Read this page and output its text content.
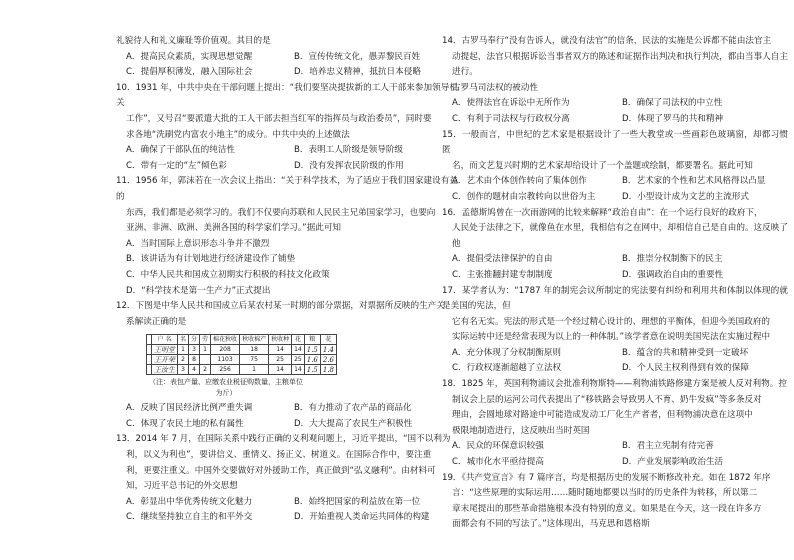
礼貌待人和礼义廉耻等价值观。其目的是

A．提高民众素质，实现思想觉醒	B．宣传传统文化，愚弄黎民百姓
C．提倡厚积薄发，融入国际社会	D．培养忠义精神，抵抗日本侵略

10．1931 年，中共中央在干部问题上提出：“我们要坚决提拔新的工人干部来参加领导机关

工作”，又号召“要派遣大批的工人干部去担当红军的指挥员与政治委员”，同时要

求各地“洗刷党内富农小地主”的成分。中共中央的上述做法

A．确保了干部队伍的纯洁性	B．表明工人阶级是领导阶级
C．带有一定的“左”倾色彩	D．没有发挥农民阶级的作用

11．1956 年，郭沫若在一次会议上指出：“关于科学技术，为了适应于我们国家建设有益的

东西，我们都是必须学习的。我们不仅要向苏联和人民民主兄弟国家学习，也要向

亚洲、非洲、欧洲、美洲各国的科学家们学习。”据此可知

A．当时国际上意识形态斗争并不激烈
B．该讲话为有计划地进行经济建设作了铺垫
C．中华人民共和国成立初期实行积极的科技文化政策
D．“科学技术是第一生产力”正式提出

12．下图是中华人民共和国成立后某农村某一时期的部分票据，对票据所反映的生产关

系解读正确的是

	户 名	名	分	劳	棉花秋收	秋收棉产	秋收种	花	粮	花
	王明堂	1	3	1	208	18	14	14	1.5	1.4
	王开荣	2	8		1103	75	25	25	1.6	2.6
	王汝生	3	4	2	256	1	14	14	1.5	1.8
（注：表包产量、应缴农业税征购数量，主粮单位为斤）
A．反映了国民经济比例严重失调	B．有力推动了农产品的商品化
C．体现了农民土地的私有属性	D．大大提高了农民生产积极性

13．2014 年 7 月，在国际关系中践行正确的义利观问题上，习近平提出，“国不以利为

利，以义为利也”，要讲信义、重情义、扬正义、树道义。在国际合作中，要注重

利，更要注重义。中国外交要做好对外援助工作，真正做到“弘义融利”。由材料可

知，习近平总书记的外交思想

A．彰显出中华优秀传统文化魅力	B．始终把国家的利益放在第一位
C．继续坚持独立自主的和平外交	D．开始重视人类命运共同体的构建

14．古罗马奉行“没有告诉人，就没有法官”的信条，民法的实施是公诉都不能由法官主

动提起，法官只根据诉讼当事者双方的陈述和证据作出判决和执行判决，都由当事人自主进行。

古罗马司法权的被动性

A．使得法官在诉讼中无所作为	B．确保了司法权的中立性
C．有利于司法权与行政权分离	D．体现了罗马的共和精神

15．一般而言，中世纪的艺术家是根据设计了一些大教堂或一些画彩色玻璃窗，却都习惯匿

名，而文艺复兴时期的艺术家却给设计了一个盖题或绘制，都要署名。据此可知

A．艺术由个体创作转向了集体创作	B．艺术家的个性和艺术风格得以凸显
C．创作的题材由宗教转向以世俗为主	D．小型设计成为文艺的主流形式

16．孟德斯鸠曾在一次雨游网的比较来解释“政治自由”：在一个运行良好的政府下，

人民处于法律之下，就像鱼在水里，我相信有之在网中，却相信自己是自由的。这反映了他

A．提倡受法律保护的自由	B．推崇分权制衡下的民主
C．主张推翻封建专制制度	D．强调政治自由的重要性

17．某学者认为：“1787 年的制宪会议所制定的宪法要有纠纷和利用共和体制以体现的就是美国的宪法，但

它有名无实。宪法的形式是一个经过精心设计的、理想的平衡体，但迎今美国政府的

实际运转中还是经常表现为以上的一种体制。”该学者意在说明美国宪法在实施过程中

A．充分体现了分权制衡原则	B．蕴含的共和精神受到一定破坏
C．行政权逐渐超越了立法权	D．个人民主权利得到有效的保障

18．1825 年，英国利物浦议会批准利物斯特——利物浦铁路修建方案是被人反对利物。控

制议会上层的运河公司代表提出了“移铁路会导致男人不育、奶牛发疯”等多条反对

理由，会圆地球对路途中可能造成发动工厂化生产者者，但利物浦决意在这项中

极限地制造进行，这反映出当时英国

A．民众的环保意识较强	B．君主立宪制有待完善
C．城市化水平亟待提高	D．产业发展影响政治生活

19．《共产党宣言》有 7 篇序言，均是根据历史的发展不断修改补充。如在 1872 年序

言：“这些原理的实际运用……随时随地都要以当时的历史条件为转移，所以第二

章末尾提出的那些革命措施根本没有特别的意义。如果是在今天，这一段在许多方

面都会有不同的写法了。”这体现出，马克思和恩格斯
